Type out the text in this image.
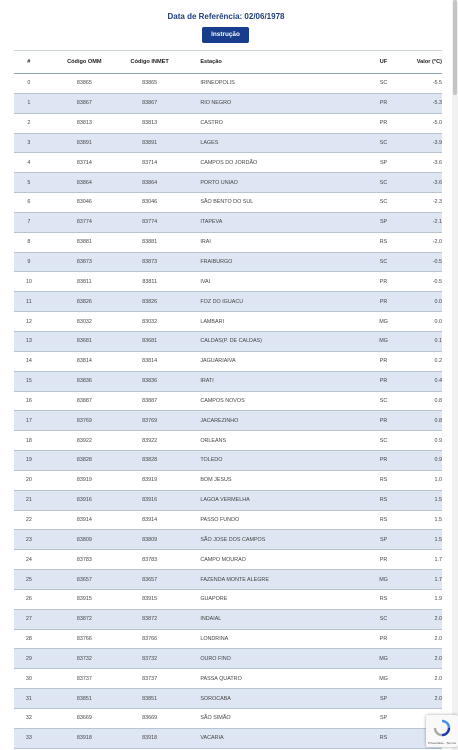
Data de Referência: 02/06/1978
Instrução
#	Código OMM	Código INMET	Estação	UF	Valor (°C)
0	83865	83865	IRINEOPOLIS	SC	-5.5
1	83867	83867	RIO NEGRO	PR	-5.3
2	83813	83813	CASTRO	PR	-5.0
3	83891	83891	LAGES	SC	-3.9
4	83714	83714	CAMPOS DO JORDÃO	SP	-3.6
5	83864	83864	PORTO UNIAO	SC	-3.6
6	83046	83046	SÃO BENTO DO SUL	SC	-2.3
7	83774	83774	ITAPEVA	SP	-2.1
8	83881	83881	IRAI	RS	-2.0
9	83873	83873	FRAIBURGO	SC	-0.5
10	83811	83811	IVAI	PR	-0.5
11	83826	83826	FOZ DO IGUACU	PR	0.0
12	83032	83032	LAMBARI	MG	0.0
13	83681	83681	CALDAS(P. DE CALDAS)	MG	0.1
14	83814	83814	JAGUARIAIVA	PR	0.2
15	83836	83836	IRATI	PR	0.4
16	83887	83887	CAMPOS NOVOS	SC	0.8
17	83769	83769	JACAREZINHO	PR	0.8
18	83922	83922	ORLEANS	SC	0.9
19	83828	83828	TOLEDO	PR	0.9
20	83919	83919	BOM JESUS	RS	1.0
21	83916	83916	LAGOA VERMELHA	RS	1.5
22	83914	83914	PASSO FUNDO	RS	1.5
23	83809	83809	SÃO JOSE DOS CAMPOS	SP	1.5
24	83783	83783	CAMPO MOURAO	PR	1.7
25	83657	83657	FAZENDA MONTE ALEGRE	MG	1.7
26	83915	83915	GUAPORE	RS	1.9
27	83872	83872	INDAIAL	SC	2.0
28	83766	83766	LONDRINA	PR	2.0
29	83732	83732	OURO FINO	MG	2.0
30	83737	83737	PASSA QUATRO	MG	2.0
31	83851	83851	SOROCABA	SP	2.0
32	83669	83669	SÃO SIMÃO	SP
33	83918	83918	VACARIA	RS
Privacidade - Termos
